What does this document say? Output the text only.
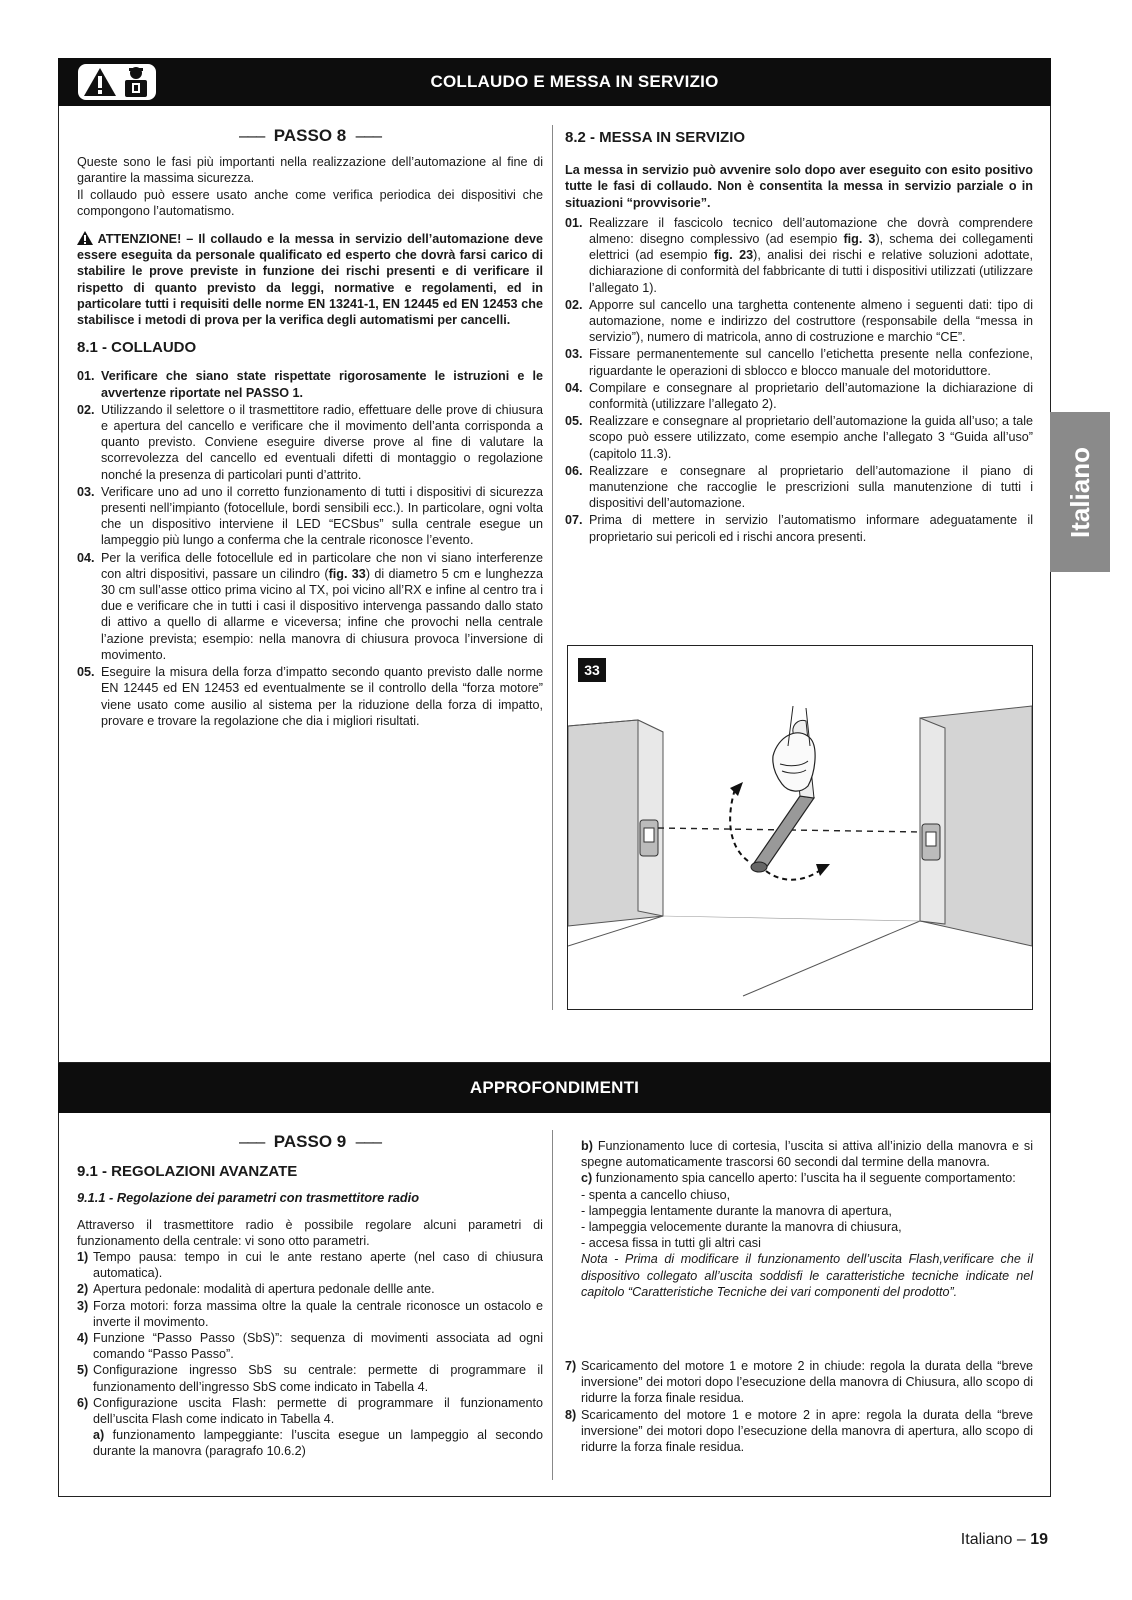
COLLAUDO E MESSA IN SERVIZIO
––– PASSO 8 –––

Queste sono le fasi più importanti nella realizzazione dell’automazione al fine di garantire la massima sicurezza.

Il collaudo può essere usato anche come verifica periodica dei dispositivi che compongono l’automatismo.

ATTENZIONE! – Il collaudo e la messa in servizio dell’automazione deve essere eseguita da personale qualificato ed esperto che dovrà farsi carico di stabilire le prove previste in funzione dei rischi presenti e di verificare il rispetto di quanto previsto da leggi, normative e regolamenti, ed in particolare tutti i requisiti delle norme EN 13241-1, EN 12445 ed EN 12453 che stabilisce i metodi di prova per la verifica degli automatismi per cancelli.

8.1 - COLLAUDO
01. Verificare che siano state rispettate rigorosamente le istruzioni e le avvertenze riportate nel PASSO 1.
02. Utilizzando il selettore o il trasmettitore radio, effettuare delle prove di chiusura e apertura del cancello e verificare che il movimento dell’anta corrisponda a quanto previsto. Conviene eseguire diverse prove al fine di valutare la scorrevolezza del cancello ed eventuali difetti di montaggio o regolazione nonché la presenza di particolari punti d’attrito.
03. Verificare uno ad uno il corretto funzionamento di tutti i dispositivi di sicurezza presenti nell’impianto (fotocellule, bordi sensibili ecc.). In particolare, ogni volta che un dispositivo interviene il LED “ECSbus” sulla centrale esegue un lampeggio più lungo a conferma che la centrale riconosce l’evento.
04. Per la verifica delle fotocellule ed in particolare che non vi siano interferenze con altri dispositivi, passare un cilindro (fig. 33) di diametro 5 cm e lunghezza 30 cm sull’asse ottico prima vicino al TX, poi vicino all’RX e infine al centro tra i due e verificare che in tutti i casi il dispositivo intervenga passando dallo stato di attivo a quello di allarme e viceversa; infine che provochi nella centrale l’azione prevista; esempio: nella manovra di chiusura provoca l’inversione di movimento.
05. Eseguire la misura della forza d’impatto secondo quanto previsto dalle norme EN 12445 ed EN 12453 ed eventualmente se il controllo della “forza motore” viene usato come ausilio al sistema per la riduzione della forza di impatto, provare e trovare la regolazione che dia i migliori risultati.
8.2 - MESSA IN SERVIZIO

La messa in servizio può avvenire solo dopo aver eseguito con esito positivo tutte le fasi di collaudo. Non è consentita la messa in servizio parziale o in situazioni “provvisorie”.

01. Realizzare il fascicolo tecnico dell’automazione che dovrà comprendere almeno: disegno complessivo (ad esempio fig. 3), schema dei collegamenti elettrici (ad esempio fig. 23), analisi dei rischi e relative soluzioni adottate, dichiarazione di conformità del fabbricante di tutti i dispositivi utilizzati (utilizzare l’allegato 1).
02. Apporre sul cancello una targhetta contenente almeno i seguenti dati: tipo di automazione, nome e indirizzo del costruttore (responsabile della “messa in servizio”), numero di matricola, anno di costruzione e marchio “CE”.
03. Fissare permanentemente sul cancello l’etichetta presente nella confezione, riguardante le operazioni di sblocco e blocco manuale del motoriduttore.
04. Compilare e consegnare al proprietario dell’automazione la dichiarazione di conformità (utilizzare l’allegato 2).
05. Realizzare e consegnare al proprietario dell’automazione la guida all’uso; a tale scopo può essere utilizzato, come esempio anche l’allegato 3 “Guida all’uso” (capitolo 11.3).
06. Realizzare e consegnare al proprietario dell’automazione il piano di manutenzione che raccoglie le prescrizioni sulla manutenzione di tutti i dispositivi dell’automazione.
07. Prima di mettere in servizio l’automatismo informare adeguatamente il proprietario sui pericoli ed i rischi ancora presenti.
33
Italiano
APPROFONDIMENTI
––– PASSO 9 –––
9.1 - REGOLAZIONI AVANZATE
9.1.1 - Regolazione dei parametri con trasmettitore radio

Attraverso il trasmettitore radio è possibile regolare alcuni parametri di funzionamento della centrale: vi sono otto parametri.

1) Tempo pausa: tempo in cui le ante restano aperte (nel caso di chiusura automatica).
2) Apertura pedonale: modalità di apertura pedonale dellle ante.
3) Forza motori: forza massima oltre la quale la centrale riconosce un ostacolo e inverte il movimento.
4) Funzione “Passo Passo (SbS)”: sequenza di movimenti associata ad ogni comando “Passo Passo”.
5) Configurazione ingresso SbS su centrale: permette di programmare il funzionamento dell’ingresso SbS come indicato in Tabella 4.
6) Configurazione uscita Flash: permette di programmare il funzionamento dell’uscita Flash come indicato in Tabella 4.

a) funzionamento lampeggiante: l’uscita esegue un lampeggio al secondo durante la manovra (paragrafo 10.6.2)

b) Funzionamento luce di cortesia, l’uscita si attiva all’inizio della manovra e si spegne automaticamente trascorsi 60 secondi dal termine della manovra.

c) funzionamento spia cancello aperto: l’uscita ha il seguente comportamento:

- spenta a cancello chiuso,
- lampeggia lentamente durante la manovra di apertura,
- lampeggia velocemente durante la manovra di chiusura,
- accesa fissa in tutti gli altri casi

Nota - Prima di modificare il funzionamento dell’uscita Flash,verificare che il dispositivo collegato all’uscita soddisfi le caratteristiche tecniche indicate nel capitolo “Caratteristiche Tecniche dei vari componenti del prodotto”.

7) Scaricamento del motore 1 e motore 2 in chiude: regola la durata della “breve inversione” dei motori dopo l’esecuzione della manovra di Chiusura, allo scopo di ridurre la forza finale residua.
8) Scaricamento del motore 1 e motore 2 in apre: regola la durata della “breve inversione” dei motori dopo l’esecuzione della manovra di apertura, allo scopo di ridurre la forza finale residua.
Italiano – 19
